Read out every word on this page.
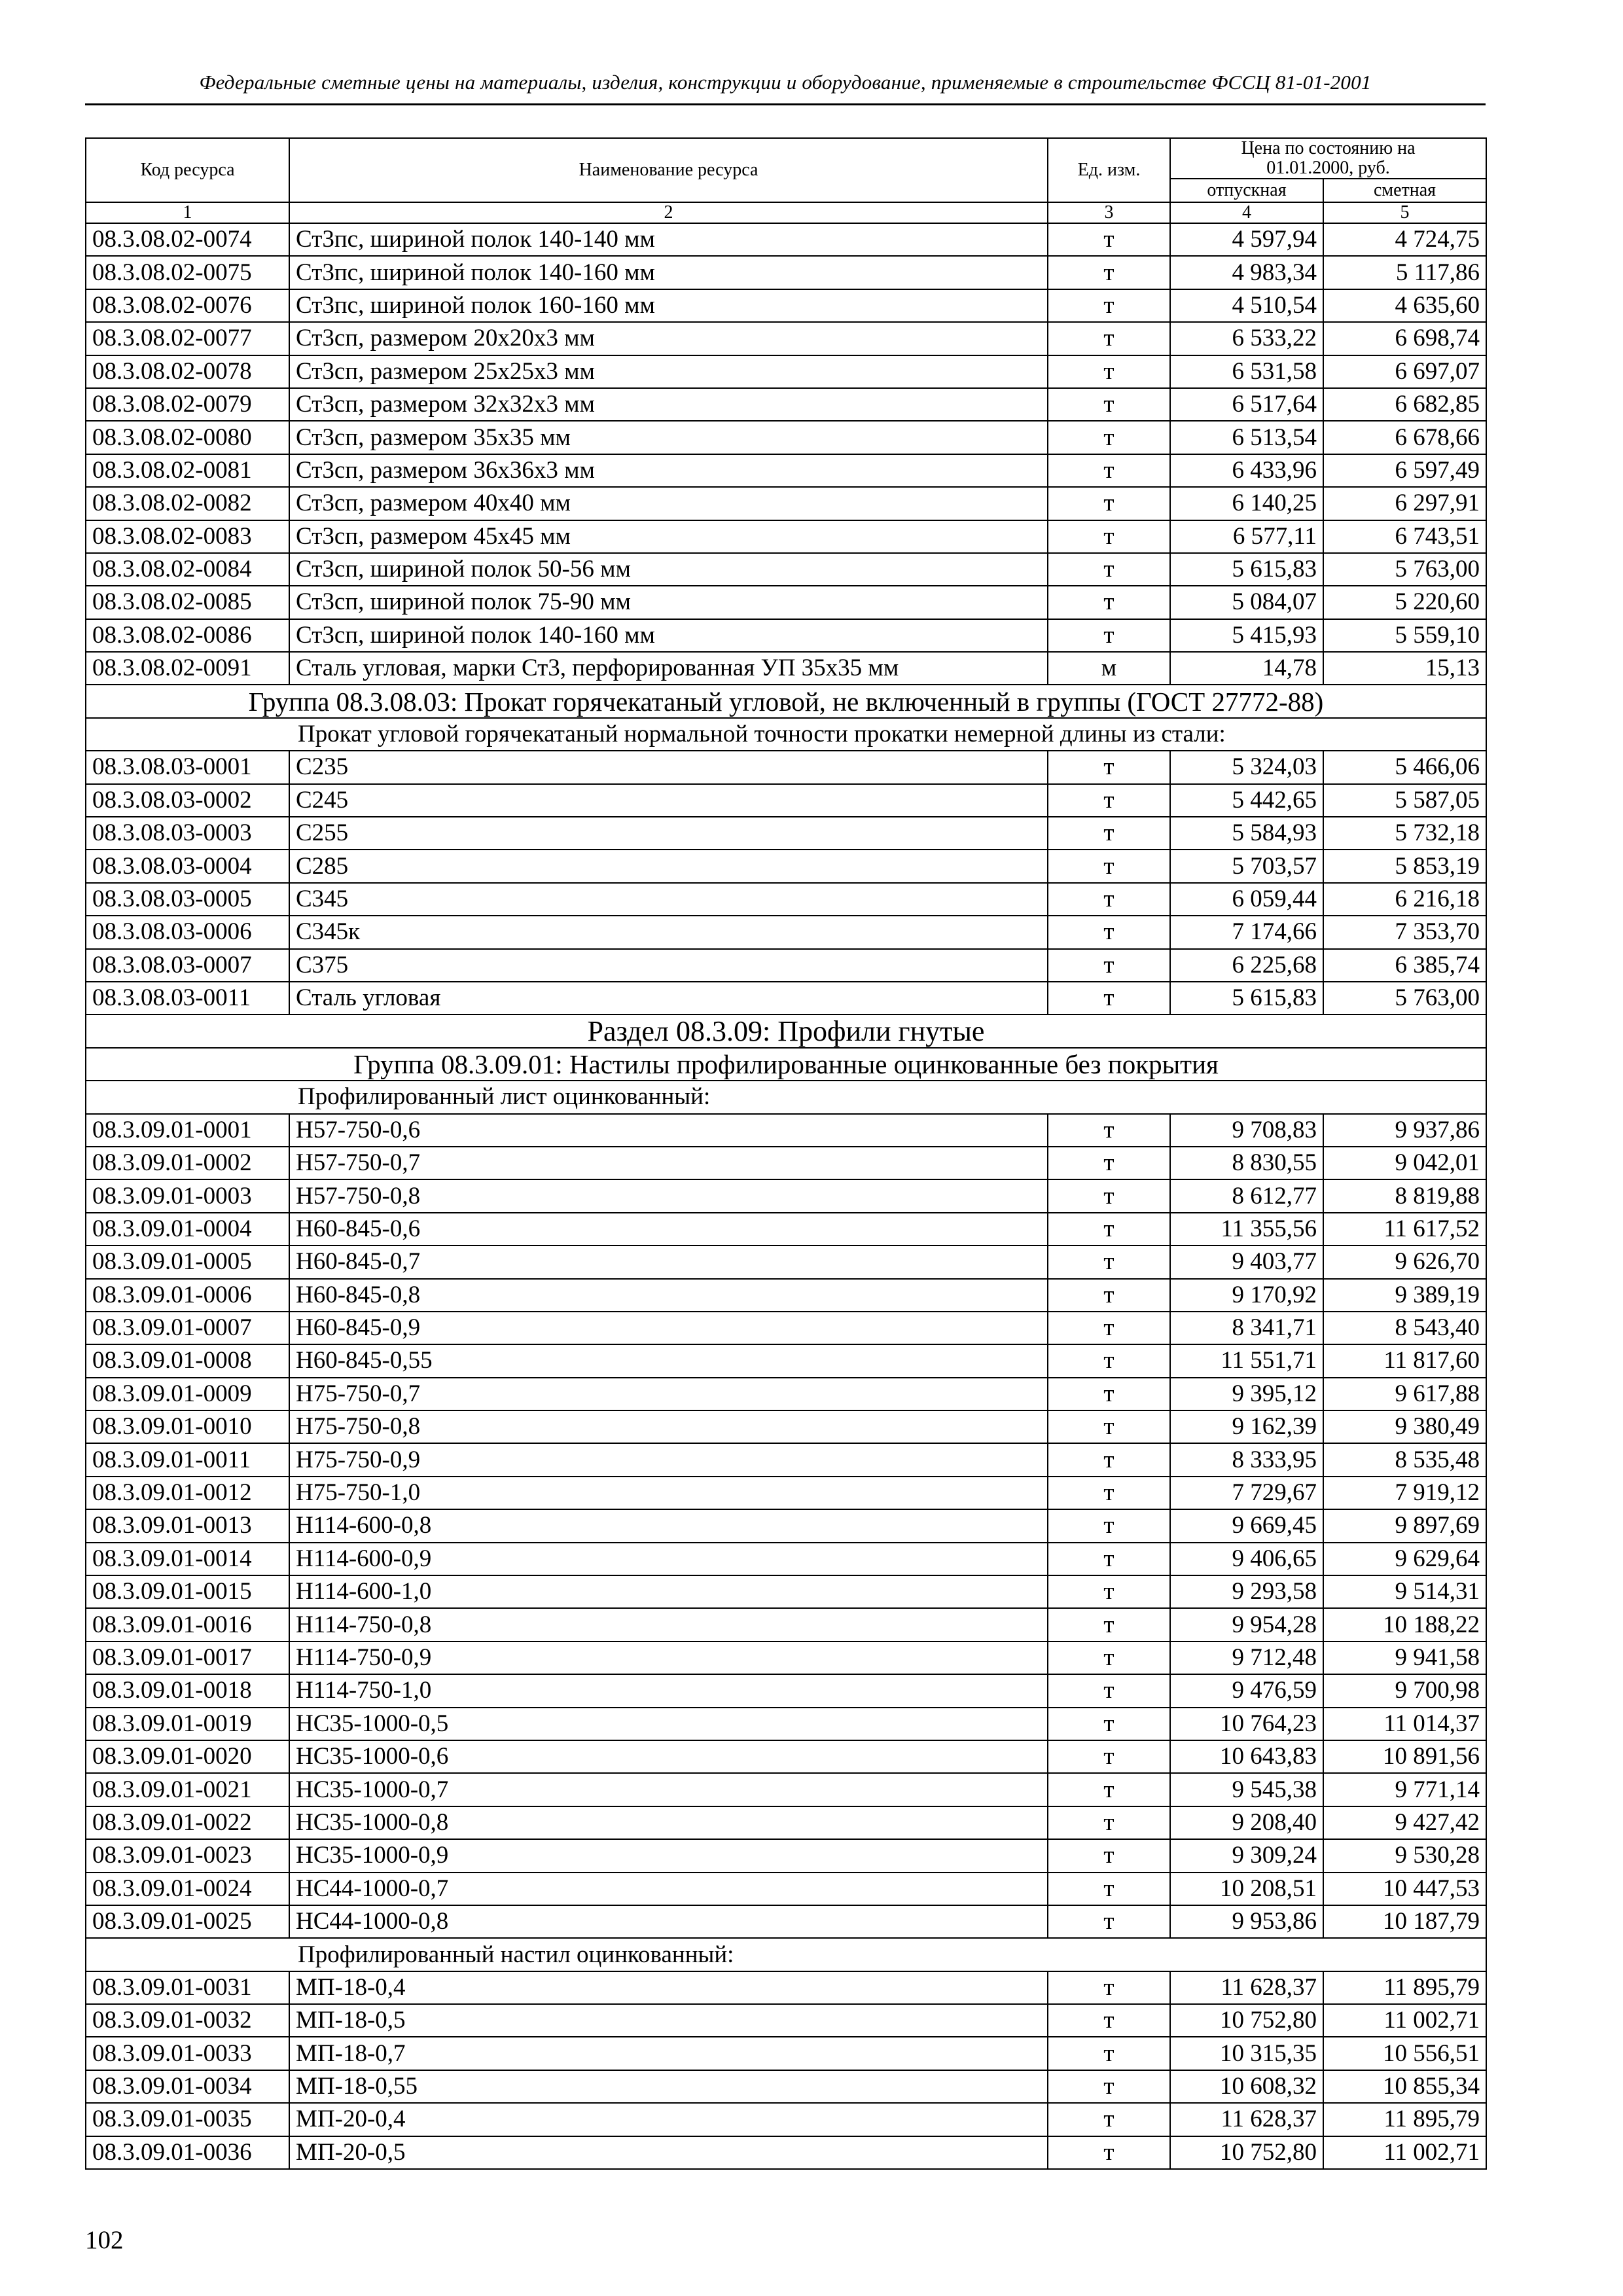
Федеральные сметные цены на материалы, изделия, конструкции и оборудование, применяемые в строительстве ФССЦ 81-01-2001
Код ресурса	Наименование ресурса	Ед. изм.	Цена по состоянию на 01.01.2000, руб.	
			отпускная	сметная
1	2	3	4	5
08.3.08.02-0074	Ст3пс, шириной полок 140-140 мм	т	4 597,94	4 724,75
08.3.08.02-0075	Ст3пс, шириной полок 140-160 мм	т	4 983,34	5 117,86
08.3.08.02-0076	Ст3пс, шириной полок 160-160 мм	т	4 510,54	4 635,60
08.3.08.02-0077	Ст3сп, размером 20х20х3 мм	т	6 533,22	6 698,74
08.3.08.02-0078	Ст3сп, размером 25х25х3 мм	т	6 531,58	6 697,07
08.3.08.02-0079	Ст3сп, размером 32х32х3 мм	т	6 517,64	6 682,85
08.3.08.02-0080	Ст3сп, размером 35х35 мм	т	6 513,54	6 678,66
08.3.08.02-0081	Ст3сп, размером 36х36х3 мм	т	6 433,96	6 597,49
08.3.08.02-0082	Ст3сп, размером 40х40 мм	т	6 140,25	6 297,91
08.3.08.02-0083	Ст3сп, размером 45х45 мм	т	6 577,11	6 743,51
08.3.08.02-0084	Ст3сп, шириной полок 50-56 мм	т	5 615,83	5 763,00
08.3.08.02-0085	Ст3сп, шириной полок 75-90 мм	т	5 084,07	5 220,60
08.3.08.02-0086	Ст3сп, шириной полок 140-160 мм	т	5 415,93	5 559,10
08.3.08.02-0091	Сталь угловая, марки Ст3, перфорированная УП 35х35 мм	м	14,78	15,13
Группа 08.3.08.03: Прокат горячекатаный угловой, не включенный в группы (ГОСТ 27772-88)				
Прокат угловой горячекатаный нормальной точности прокатки немерной длины из стали:				
08.3.08.03-0001	С235	т	5 324,03	5 466,06
08.3.08.03-0002	С245	т	5 442,65	5 587,05
08.3.08.03-0003	С255	т	5 584,93	5 732,18
08.3.08.03-0004	С285	т	5 703,57	5 853,19
08.3.08.03-0005	С345	т	6 059,44	6 216,18
08.3.08.03-0006	С345к	т	7 174,66	7 353,70
08.3.08.03-0007	С375	т	6 225,68	6 385,74
08.3.08.03-0011	Сталь угловая	т	5 615,83	5 763,00
Раздел 08.3.09: Профили гнутые				
Группа 08.3.09.01: Настилы профилированные оцинкованные без покрытия				
Профилированный лист оцинкованный:				
08.3.09.01-0001	Н57-750-0,6	т	9 708,83	9 937,86
08.3.09.01-0002	Н57-750-0,7	т	8 830,55	9 042,01
08.3.09.01-0003	Н57-750-0,8	т	8 612,77	8 819,88
08.3.09.01-0004	Н60-845-0,6	т	11 355,56	11 617,52
08.3.09.01-0005	Н60-845-0,7	т	9 403,77	9 626,70
08.3.09.01-0006	Н60-845-0,8	т	9 170,92	9 389,19
08.3.09.01-0007	Н60-845-0,9	т	8 341,71	8 543,40
08.3.09.01-0008	Н60-845-0,55	т	11 551,71	11 817,60
08.3.09.01-0009	Н75-750-0,7	т	9 395,12	9 617,88
08.3.09.01-0010	Н75-750-0,8	т	9 162,39	9 380,49
08.3.09.01-0011	Н75-750-0,9	т	8 333,95	8 535,48
08.3.09.01-0012	Н75-750-1,0	т	7 729,67	7 919,12
08.3.09.01-0013	Н114-600-0,8	т	9 669,45	9 897,69
08.3.09.01-0014	Н114-600-0,9	т	9 406,65	9 629,64
08.3.09.01-0015	Н114-600-1,0	т	9 293,58	9 514,31
08.3.09.01-0016	Н114-750-0,8	т	9 954,28	10 188,22
08.3.09.01-0017	Н114-750-0,9	т	9 712,48	9 941,58
08.3.09.01-0018	Н114-750-1,0	т	9 476,59	9 700,98
08.3.09.01-0019	НС35-1000-0,5	т	10 764,23	11 014,37
08.3.09.01-0020	НС35-1000-0,6	т	10 643,83	10 891,56
08.3.09.01-0021	НС35-1000-0,7	т	9 545,38	9 771,14
08.3.09.01-0022	НС35-1000-0,8	т	9 208,40	9 427,42
08.3.09.01-0023	НС35-1000-0,9	т	9 309,24	9 530,28
08.3.09.01-0024	НС44-1000-0,7	т	10 208,51	10 447,53
08.3.09.01-0025	НС44-1000-0,8	т	9 953,86	10 187,79
Профилированный настил оцинкованный:				
08.3.09.01-0031	МП-18-0,4	т	11 628,37	11 895,79
08.3.09.01-0032	МП-18-0,5	т	10 752,80	11 002,71
08.3.09.01-0033	МП-18-0,7	т	10 315,35	10 556,51
08.3.09.01-0034	МП-18-0,55	т	10 608,32	10 855,34
08.3.09.01-0035	МП-20-0,4	т	11 628,37	11 895,79
08.3.09.01-0036	МП-20-0,5	т	10 752,80	11 002,71
102
